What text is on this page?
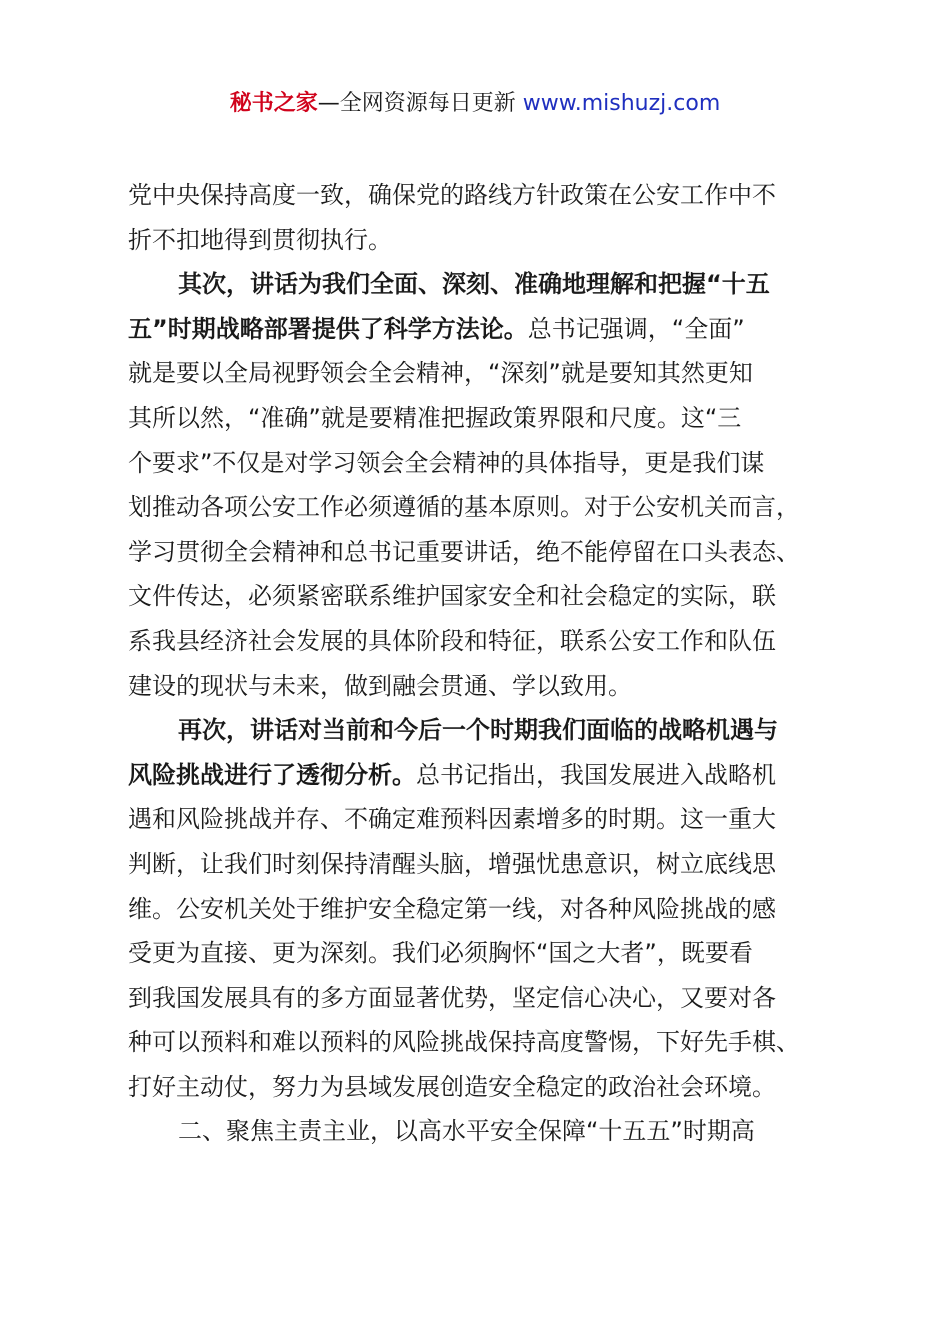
秘书之家—全网资源每日更新 www.mishuzj.com
党中央保持高度一致，确保党的路线方针政策在公安工作中不
折不扣地得到贯彻执行。
其次，讲话为我们全面、深刻、准确地理解和把握“十五
五”时期战略部署提供了科学方法论。总书记强调，“全面”
就是要以全局视野领会全会精神，“深刻”就是要知其然更知
其所以然，“准确”就是要精准把握政策界限和尺度。这“三
个要求”不仅是对学习领会全会精神的具体指导，更是我们谋
划推动各项公安工作必须遵循的基本原则。对于公安机关而言，
学习贯彻全会精神和总书记重要讲话，绝不能停留在口头表态、
文件传达，必须紧密联系维护国家安全和社会稳定的实际，联
系我县经济社会发展的具体阶段和特征，联系公安工作和队伍
建设的现状与未来，做到融会贯通、学以致用。
再次，讲话对当前和今后一个时期我们面临的战略机遇与
风险挑战进行了透彻分析。总书记指出，我国发展进入战略机
遇和风险挑战并存、不确定难预料因素增多的时期。这一重大
判断，让我们时刻保持清醒头脑，增强忧患意识，树立底线思
维。公安机关处于维护安全稳定第一线，对各种风险挑战的感
受更为直接、更为深刻。我们必须胸怀“国之大者”，既要看
到我国发展具有的多方面显著优势，坚定信心决心，又要对各
种可以预料和难以预料的风险挑战保持高度警惕，下好先手棋、
打好主动仗，努力为县域发展创造安全稳定的政治社会环境。
二、聚焦主责主业，以高水平安全保障“十五五”时期高
